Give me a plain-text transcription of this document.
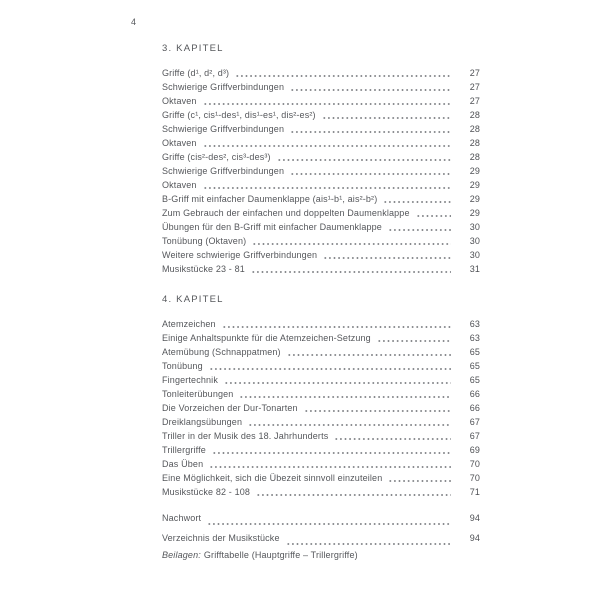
4
3. KAPITEL
Griffe (d¹, d², d³)	27
Schwierige Griffverbindungen	27
Oktaven	27
Griffe (c¹, cis¹-des¹, dis¹-es¹, dis²-es²)	28
Schwierige Griffverbindungen	28
Oktaven	28
Griffe (cis²-des², cis³-des³)	28
Schwierige Griffverbindungen	29
Oktaven	29
B-Griff mit einfacher Daumenklappe (ais¹-b¹, ais²-b²)	29
Zum Gebrauch der einfachen und doppelten Daumenklappe	29
Übungen für den B-Griff mit einfacher Daumenklappe	30
Tonübung (Oktaven)	30
Weitere schwierige Griffverbindungen	30
Musikstücke 23 - 81	31
4. KAPITEL
Atemzeichen	63
Einige Anhaltspunkte für die Atemzeichen-Setzung	63
Atemübung (Schnappatmen)	65
Tonübung	65
Fingertechnik	65
Tonleiterübungen	66
Die Vorzeichen der Dur-Tonarten	66
Dreiklangsübungen	67
Triller in der Musik des 18. Jahrhunderts	67
Trillergriffe	69
Das Üben	70
Eine Möglichkeit, sich die Übezeit sinnvoll einzuteilen	70
Musikstücke 82 - 108	71
Nachwort	94
Verzeichnis der Musikstücke	94
Beilagen: Grifftabelle (Hauptgriffe – Trillergriffe)
